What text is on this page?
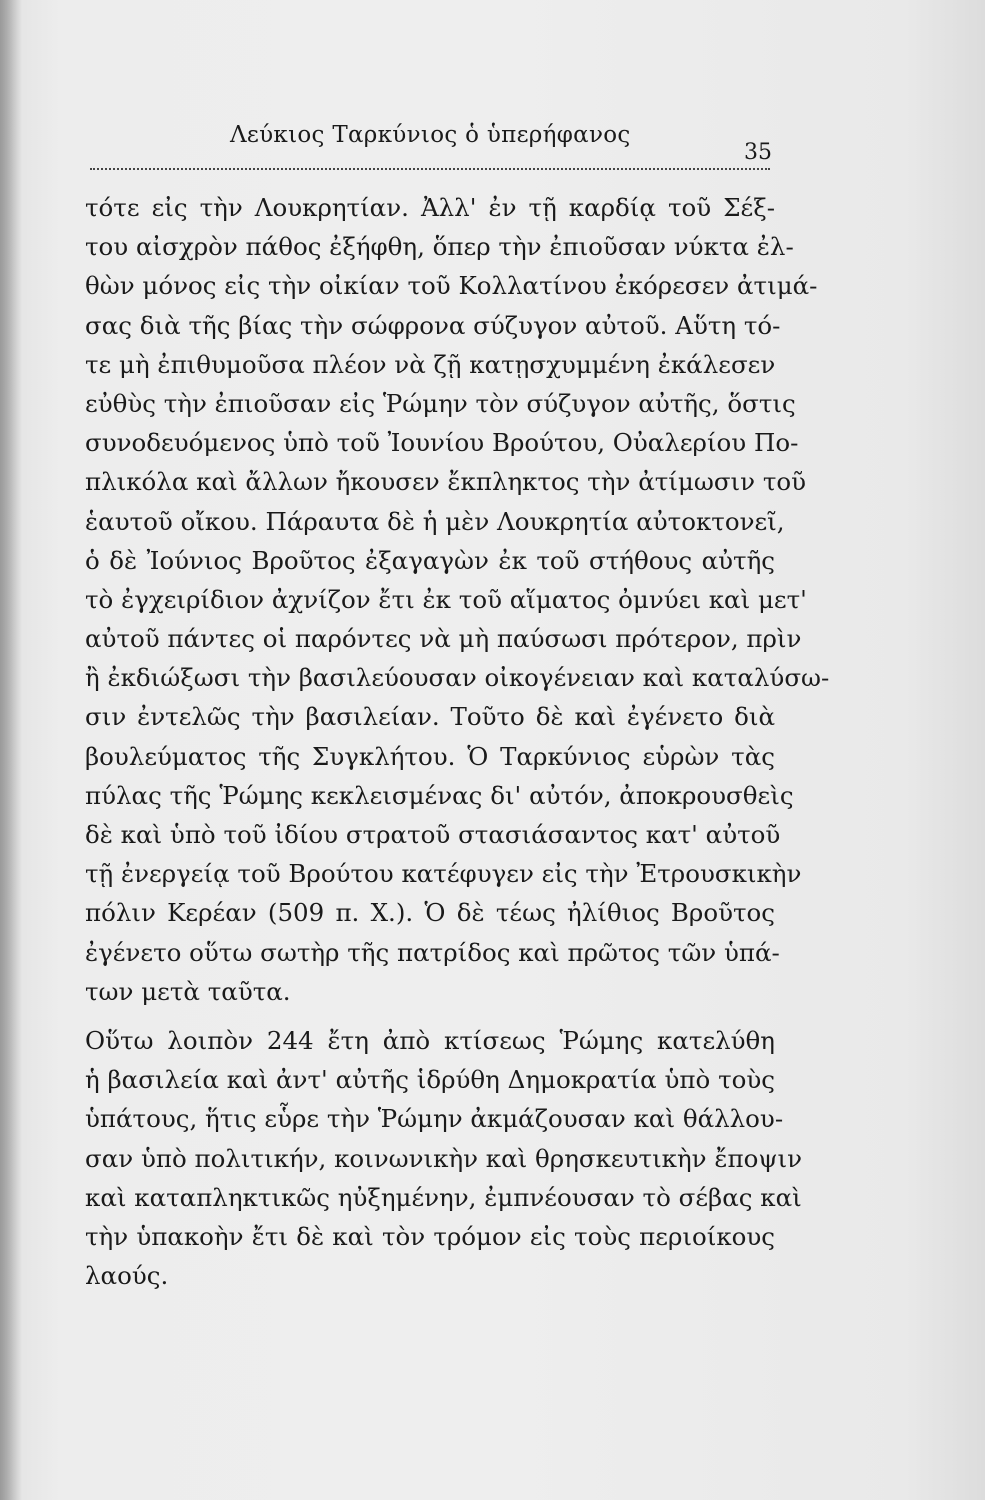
Λεύκιος Ταρκύνιος ὁ ὑπερήφανος
35
τότε εἰς τὴν Λουκρητίαν. Ἀλλ' ἐν τῇ καρδίᾳ τοῦ Σέξ-
του αἰσχρὸν πάθος ἐξήφθη, ὅπερ τὴν ἐπιοῦσαν νύκτα ἐλ-
θὼν μόνος εἰς τὴν οἰκίαν τοῦ Κολλατίνου ἐκόρεσεν ἀτιμά-
σας διὰ τῆς βίας τὴν σώφρονα σύζυγον αὐτοῦ. Αὕτη τό-
τε μὴ ἐπιθυμοῦσα πλέον νὰ ζῇ κατῃσχυμμένη ἐκάλεσεν
εὐθὺς τὴν ἐπιοῦσαν εἰς Ῥώμην τὸν σύζυγον αὐτῆς, ὅστις
συνοδευόμενος ὑπὸ τοῦ Ἰουνίου Βρούτου, Οὐαλερίου Πο-
πλικόλα καὶ ἄλλων ἤκουσεν ἔκπληκτος τὴν ἀτίμωσιν τοῦ
ἑαυτοῦ οἴκου. Πάραυτα δὲ ἡ μὲν Λουκρητία αὐτοκτονεῖ,
ὁ δὲ Ἰούνιος Βροῦτος ἐξαγαγὼν ἐκ τοῦ στήθους αὐτῆς
τὸ ἐγχειρίδιον ἀχνίζον ἔτι ἐκ τοῦ αἵματος ὀμνύει καὶ μετ'
αὐτοῦ πάντες οἱ παρόντες νὰ μὴ παύσωσι πρότερον, πρὶν
ἢ ἐκδιώξωσι τὴν βασιλεύουσαν οἰκογένειαν καὶ καταλύσω-
σιν ἐντελῶς τὴν βασιλείαν. Τοῦτο δὲ καὶ ἐγένετο διὰ
βουλεύματος τῆς Συγκλήτου. Ὁ Ταρκύνιος εὑρὼν τὰς
πύλας τῆς Ῥώμης κεκλεισμένας δι' αὐτόν, ἀποκρουσθεὶς
δὲ καὶ ὑπὸ τοῦ ἰδίου στρατοῦ στασιάσαντος κατ' αὐτοῦ
τῇ ἐνεργείᾳ τοῦ Βρούτου κατέφυγεν εἰς τὴν Ἐτρουσκικὴν
πόλιν Κερέαν (509 π. Χ.). Ὁ δὲ τέως ἠλίθιος Βροῦτος
ἐγένετο οὕτω σωτὴρ τῆς πατρίδος καὶ πρῶτος τῶν ὑπά-
των μετὰ ταῦτα.
Οὕτω λοιπὸν 244 ἔτη ἀπὸ κτίσεως Ῥώμης κατελύθη
ἡ βασιλεία καὶ ἀντ' αὐτῆς ἱδρύθη Δημοκρατία ὑπὸ τοὺς
ὑπάτους, ἥτις εὗρε τὴν Ῥώμην ἀκμάζουσαν καὶ θάλλου-
σαν ὑπὸ πολιτικήν, κοινωνικὴν καὶ θρησκευτικὴν ἔποψιν
καὶ καταπληκτικῶς ηὐξημένην, ἐμπνέουσαν τὸ σέβας καὶ
τὴν ὑπακοὴν ἔτι δὲ καὶ τὸν τρόμον εἰς τοὺς περιοίκους
λαούς.
